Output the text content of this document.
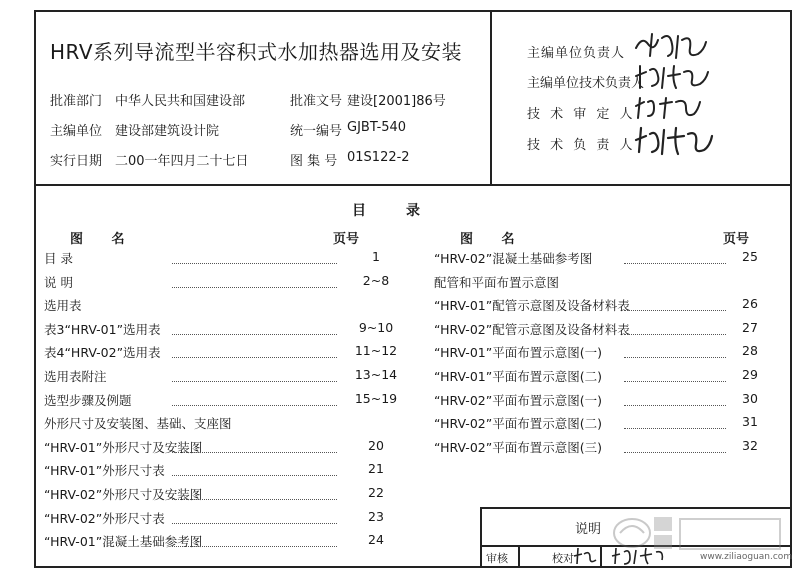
HRV系列导流型半容积式水加热器选用及安装
批准部门 中华人民共和国建设部	批准文号 建设[2001]86号
主编单位 建设部建筑设计院	统一编号 GJBT-540
实行日期 二00一年四月二十七日	图 集 号 01S122-2
主编单位负责人
主编单位技术负责人
技 术 审 定 人
技 术 负 责 人
目录
图 名	页号	图 名	页号
目 录	1
说 明	2~8
选用表
表3“HRV-01”选用表	9~10
表4“HRV-02”选用表	11~12
选用表附注	13~14
选型步骤及例题	15~19
外形尺寸及安装图、基础、支座图
“HRV-01”外形尺寸及安装图	20
“HRV-01”外形尺寸表	21
“HRV-02”外形尺寸及安装图	22
“HRV-02”外形尺寸表	23
“HRV-01”混凝土基础参考图	24
“HRV-02”混凝土基础参考图	25
配管和平面布置示意图
“HRV-01”配管示意图及设备材料表	26
“HRV-02”配管示意图及设备材料表	27
“HRV-01”平面布置示意图(一)	28
“HRV-01”平面布置示意图(二)	29
“HRV-02”平面布置示意图(一)	30
“HRV-02”平面布置示意图(二)	31
“HRV-02”平面布置示意图(三)	32
说明
审核	校对	www.ziliaoguan.com
